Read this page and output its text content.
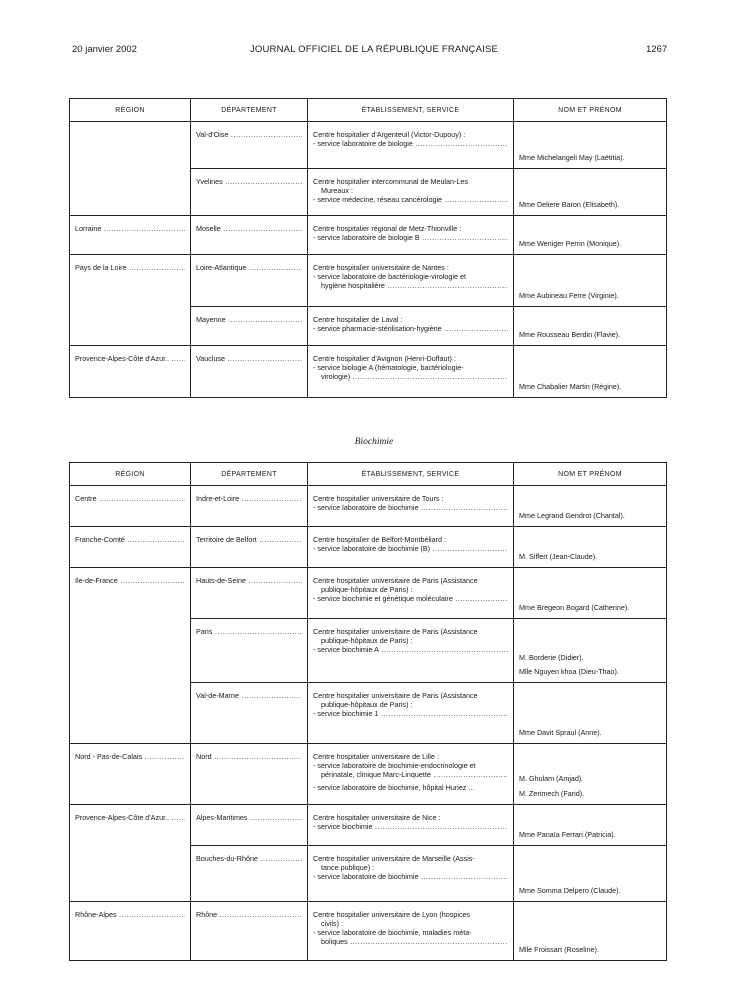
20 janvier 2002	JOURNAL OFFICIEL DE LA RÉPUBLIQUE FRANÇAISE	1267
RÉGION	DÉPARTEMENT	ÉTABLISSEMENT, SERVICE	NOM ET PRÉNOM

	Val-d'Oise .....	Centre hospitalier d'Argenteuil (Victor-Dupouy) :
- service laboratoire de biologie .....	Mme Michelangeli May (Laëtitia).

	Yvelines .....	Centre hospitalier intercommunal de Meulan-Les
Mureaux :
- service médecine, réseau cancérologie .....	Mme Deliere Baron (Elisabeth).

Lorraine .....	Moselle .....	Centre hospitalier régional de Metz-Thionville :
- service laboratoire de biologie B .....	Mme Weniger Perrin (Monique).

Pays de la Loire .....	Loire-Atlantique .....	Centre hospitalier universitaire de Nantes :
- service laboratoire de bactériologie-virologie et
hygiène hospitalière .....	Mme Aubineau Ferre (Virginie).

	Mayenne .....	Centre hospitalier de Laval :
- service pharmacie-stérilisation-hygiène .....	Mme Rousseau Berdin (Flavie).

Provence-Alpes-Côte d'Azur.. .....	Vaucluse .....	Centre hospitalier d'Avignon (Henri-Duffaut) :
- service biologie A (hématologie, bactériologie-
virologie) .....	Mme Chabalier Martin (Régine).
Biochimie
RÉGION	DÉPARTEMENT	ÉTABLISSEMENT, SERVICE	NOM ET PRÉNOM

Centre .....	Indre-et-Loire .....	Centre hospitalier universitaire de Tours :
- service laboratoire de biochimie .....	Mme Legrand Gendrot (Chantal).

Franche-Comté .....	Territoire de Belfort .....	Centre hospitalier de Belfort-Montbéliard :
- service laboratoire de biochimie (B) .....	M. Siffert (Jean-Claude).

Ile-de-France .....	Hauts-de-Seine .....	Centre hospitalier universitaire de Paris (Assistance
publique-hôpitaux de Paris) :
- service biochimie et génétique moléculaire .....	Mme Bregeon Bogard (Catherine).

	Paris .....	Centre hospitalier universitaire de Paris (Assistance
publique-hôpitaux de Paris) :
- service biochimie A .....	M. Borderie (Didier).
Mlle Nguyen khoa (Dieu-Thao).

	Val-de-Marne .....	Centre hospitalier universitaire de Paris (Assistance
publique-hôpitaux de Paris) :
- service biochimie 1 .....	Mme Davit Spraul (Anne).

Nord - Pas-de-Calais .....	Nord .....	Centre hospitalier universitaire de Lille :
- service laboratoire de biochimie-endocrinologie et
périnatale, clinique Marc-Linquette .....
- service laboratoire de biochimie, hôpital Huriez ...	M. Ghulam (Amjad).
M. Zerimech (Farid).

Provence-Alpes-Côte d'Azur.. .....	Alpes-Maritimes .....	Centre hospitalier universitaire de Nice :
- service biochimie .....	Mme Panaïa Ferrari (Patricia).

	Bouches-du-Rhône .....	Centre hospitalier universitaire de Marseille (Assis-
tance publique) :
- service laboratoire de biochimie .....	Mme Somma Delpero (Claude).

Rhône-Alpes .....	Rhône .....	Centre hospitalier universitaire de Lyon (hospices
civils) :
- service laboratoire de biochimie, maladies méta-
boliques .....	Mlle Froissart (Roseline).
